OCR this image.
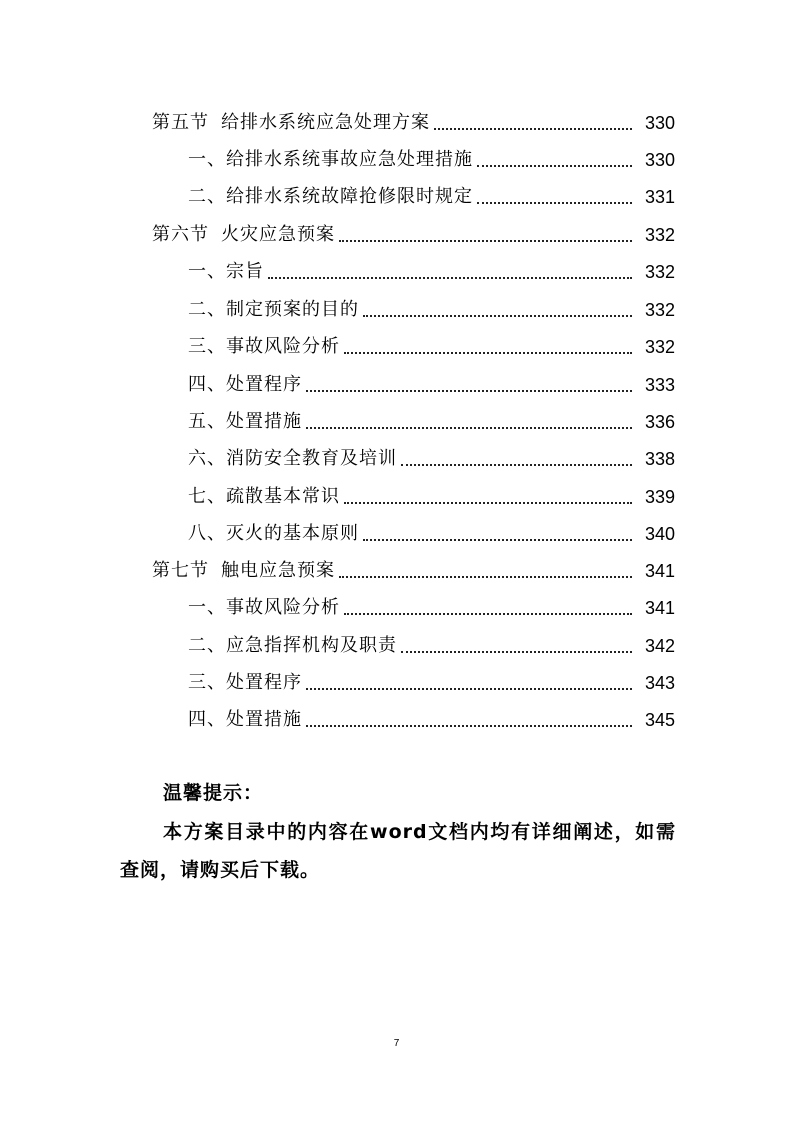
第五节 给排水系统应急处理方案	330
一、给排水系统事故应急处理措施	330
二、给排水系统故障抢修限时规定	331
第六节 火灾应急预案	332
一、宗旨	332
二、制定预案的目的	332
三、事故风险分析	332
四、处置程序	333
五、处置措施	336
六、消防安全教育及培训	338
七、疏散基本常识	339
八、灭火的基本原则	340
第七节 触电应急预案	341
一、事故风险分析	341
二、应急指挥机构及职责	342
三、处置程序	343
四、处置措施	345
温馨提示：
本方案目录中的内容在word文档内均有详细阐述，如需查阅，请购买后下载。
7
